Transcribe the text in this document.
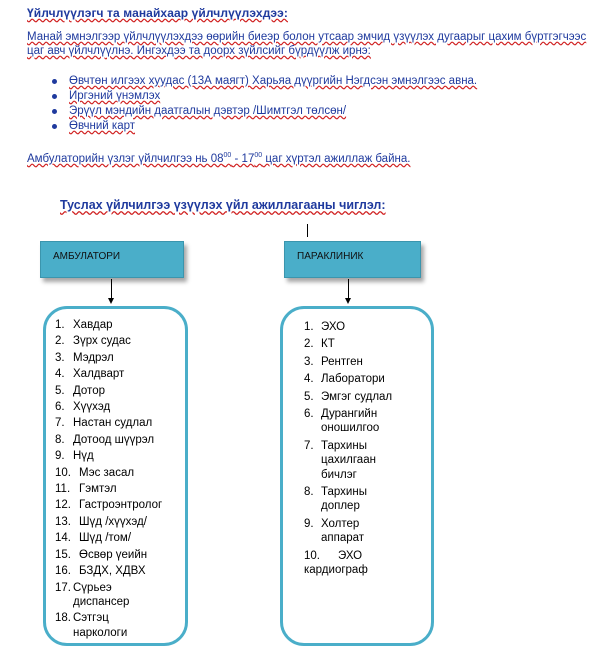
Үйлчлүүлэгч та манайхаар үйлчлүүлэхдээ:
Манай эмнэлгээр үйлчлүүлэхдээ өөрийн биеэр болон утсаар эмчид үзүүлэх дугаарыг цахим бүртгэгчээс цаг авч үйлчлүүлнэ. Ингэхдээ та доорх зүйлсийг бүрдүүлж ирнэ:
Өвчтөн илгээх хуудас (13А маягт) Харьяа дүүргийн Нэгдсэн эмнэлгээс авна.
Иргэний үнэмлэх
Эрүүл мэндийн даатгалын дэвтэр /Шимтгэл төлсөн/
Өвчний карт
Амбулаторийн үзлэг үйлчилгээ нь $08^{00} - 17^{00}$ цаг хүртэл ажиллаж байна.
Туслах үйлчилгээ үзүүлэх үйл ажиллагааны чиглэл:
АМБУЛАТОРИ
1. Хавдар
2. Зүрх судас
3. Мэдрэл
4. Халдварт
5. Дотор
6. Хүүхэд
7. Настан судлал
8. Дотоод шүүрэл
9. Нүд
10. Мэс засал
11. Гэмтэл
12. Гастроэнтролог
13. Шүд /хүүхэд/
14. Шүд /том/
15. Өсвөр үеийн
16. БЗДХ, ХДВХ
17. Сүрьеэ диспансер
18. Сэтгэц наркологи
ПАРАКЛИНИК
1. ЭХО
2. КТ
3. Рентген
4. Лаборатори
5. Эмгэг судлал
6. Дурангийн оношилгоо
7. Тархины цахилгаан бичлэг
8. Тархины доплер
9. Холтер аппарат
10. ЭХО кардиограф
